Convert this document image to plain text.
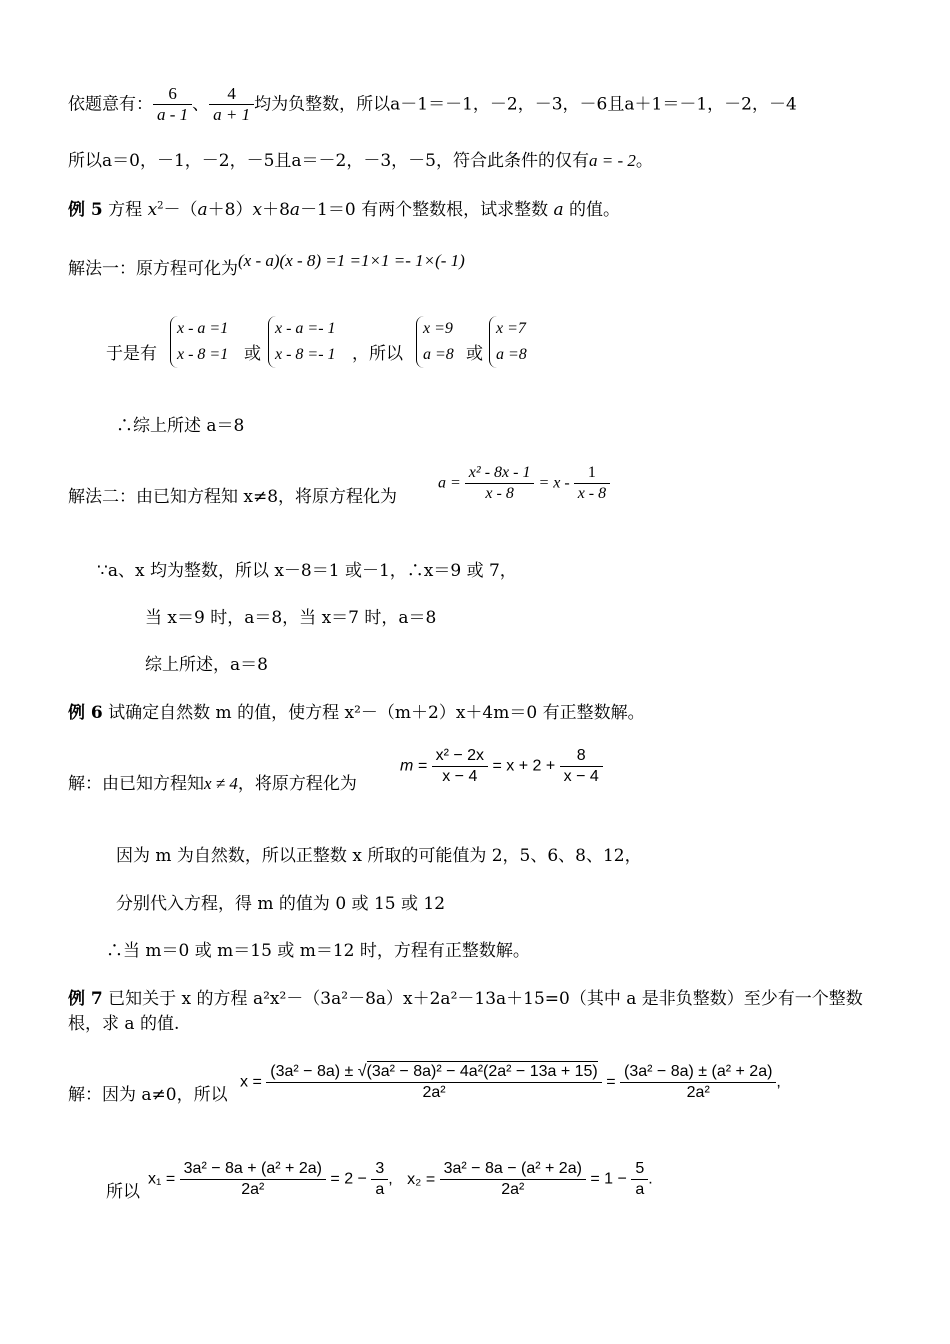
依题意有： $\frac{6}{a - 1}$ 、 $\frac{4}{a + 1}$ 均为负整数，所以a－1＝－1，－2，－3，－6且a＋1＝－1，－2，－4
所以a＝0，－1，－2，－5且a＝－2，－3，－5，符合此条件的仅有a = - 2。
例 5 方程 $x^2-(a+8)x+8a-1=0$ 有两个整数根，试求整数 a 的值。
解法一：原方程可化为(x - a)(x - 8) =1 =1×1 =- 1×(- 1)
于是有
x - a =1
x - 8 =1 或
x - a =- 1
x - 8 =- 1 ，所以
x =9
a =8 或
x =7
a =8
∴综上所述 a＝8
解法二：由已知方程知 x≠8，将原方程化为
$a = \frac{\text{x² - 8x - 1}}{x - 8} = x - \frac{1}{x - 8}$
∵a、x 均为整数，所以 x－8＝1 或－1，∴x＝9 或 7，
当 x＝9 时，a＝8，当 x＝7 时，a＝8
综上所述，a＝8
例 6 试确定自然数 m 的值，使方程 x²－（m＋2）x＋4m＝0 有正整数解。
解：由已知方程知x ≠ 4，将原方程化为
$m = \frac{\text{x² − 2x}}{x - 4} = x + 2 + \frac{8}{x - 4}$
因为 m 为自然数，所以正整数 x 所取的可能值为 2，5、6、8、12，
分别代入方程，得 m 的值为 0 或 15 或 12
∴当 m＝0 或 m＝15 或 m＝12 时，方程有正整数解。
例 7 已知关于 x 的方程 a²x²－（3a²－8a）x＋2a²－13a＋15=0（其中 a 是非负整数）至少有一个整数
根，求 a 的值.
解：因为 a≠0，所以
$x = \frac{\text{(3a² − 8a) ± √(3a² − 8a)² − 4a²(2a² − 13a + 15)}}{\text{2a²}} = \frac{\text{(3a² − 8a) ± (a² + 2a)}}{\text{2a²}}$ ,
所以
$x_1 = \frac{\text{3a² − 8a + (a² + 2a)}}{\text{2a²}} = 2 - \frac{3}{a}$ , $x_2 = \frac{\text{3a² − 8a − (a² + 2a)}}{\text{2a²}} = 1 - \frac{5}{a}$ .
